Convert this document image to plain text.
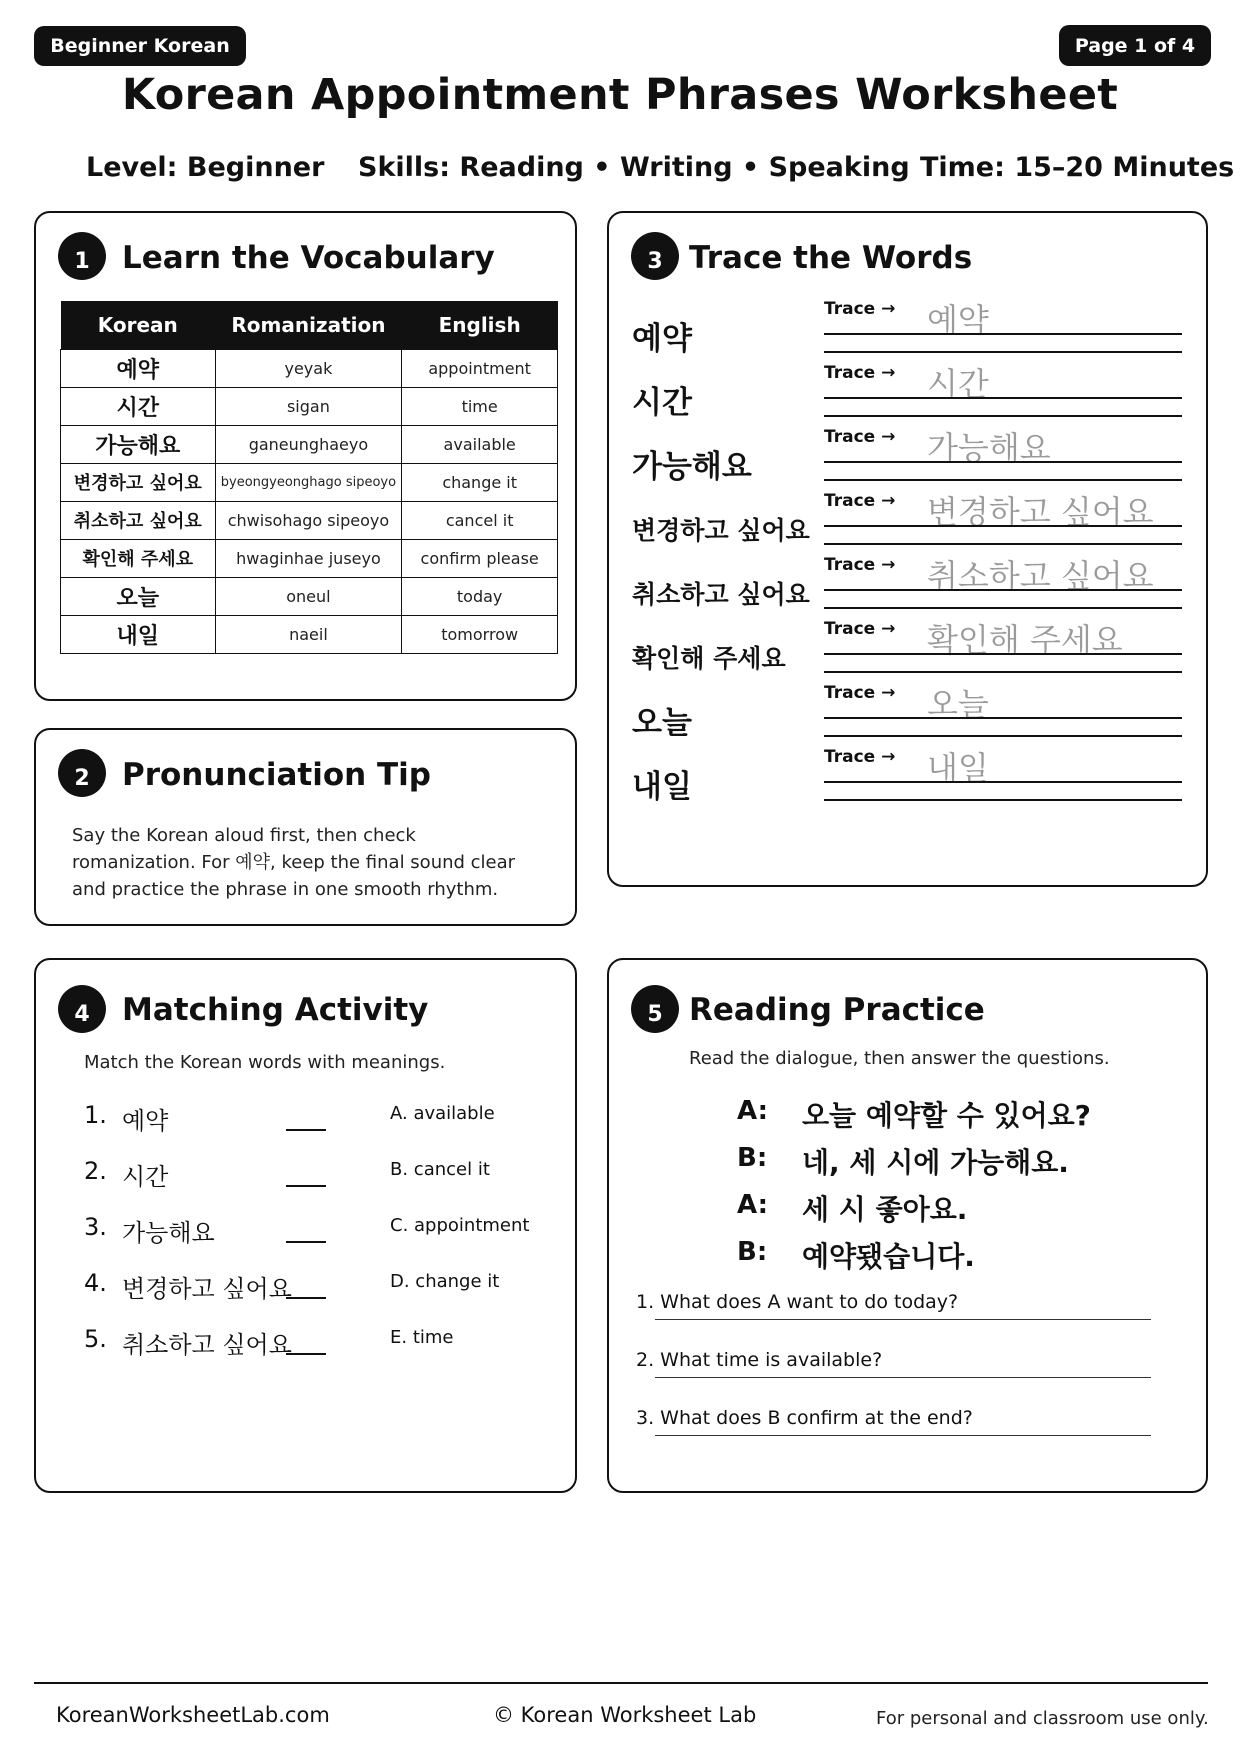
Beginner Korean	Page 1 of 4
Korean Appointment Phrases Worksheet
Level: Beginner Skills: Reading • Writing • Speaking Time: 15–20 Minutes
1	Learn the Vocabulary
Korean	Romanization	English
예약	yeyak	appointment
시간	sigan	time
가능해요	ganeunghaeyo	available
변경하고 싶어요	byeongyeonghago sipeoyo	change it
취소하고 싶어요	chwisohago sipeoyo	cancel it
확인해 주세요	hwaginhae juseyo	confirm please
오늘	oneul	today
내일	naeil	tomorrow
2	Pronunciation Tip
Say the Korean aloud first, then check romanization. For 예약, keep the final sound clear and practice the phrase in one smooth rhythm.
3 Trace the Words
예약
Trace → 예약
시간
Trace → 시간
가능해요
Trace → 가능해요
변경하고 싶어요
Trace → 변경하고 싶어요
취소하고 싶어요
Trace → 취소하고 싶어요
확인해 주세요
Trace → 확인해 주세요
오늘
Trace → 오늘
내일
Trace → 내일
4	Matching Activity
Match the Korean words with meanings.
1. 예약	A. available
2. 시간	B. cancel it
3. 가능해요	C. appointment
4. 변경하고 싶어요	D. change it
5. 취소하고 싶어요	E. time
5 Reading Practice
Read the dialogue, then answer the questions.
A: 오늘 예약할 수 있어요?
B: 네, 세 시에 가능해요.
A: 세 시 좋아요.
B: 예약됐습니다.
1. What does A want to do today?
2. What time is available?
3. What does B confirm at the end?
KoreanWorksheetLab.com	© Korean Worksheet Lab	For personal and classroom use only.
